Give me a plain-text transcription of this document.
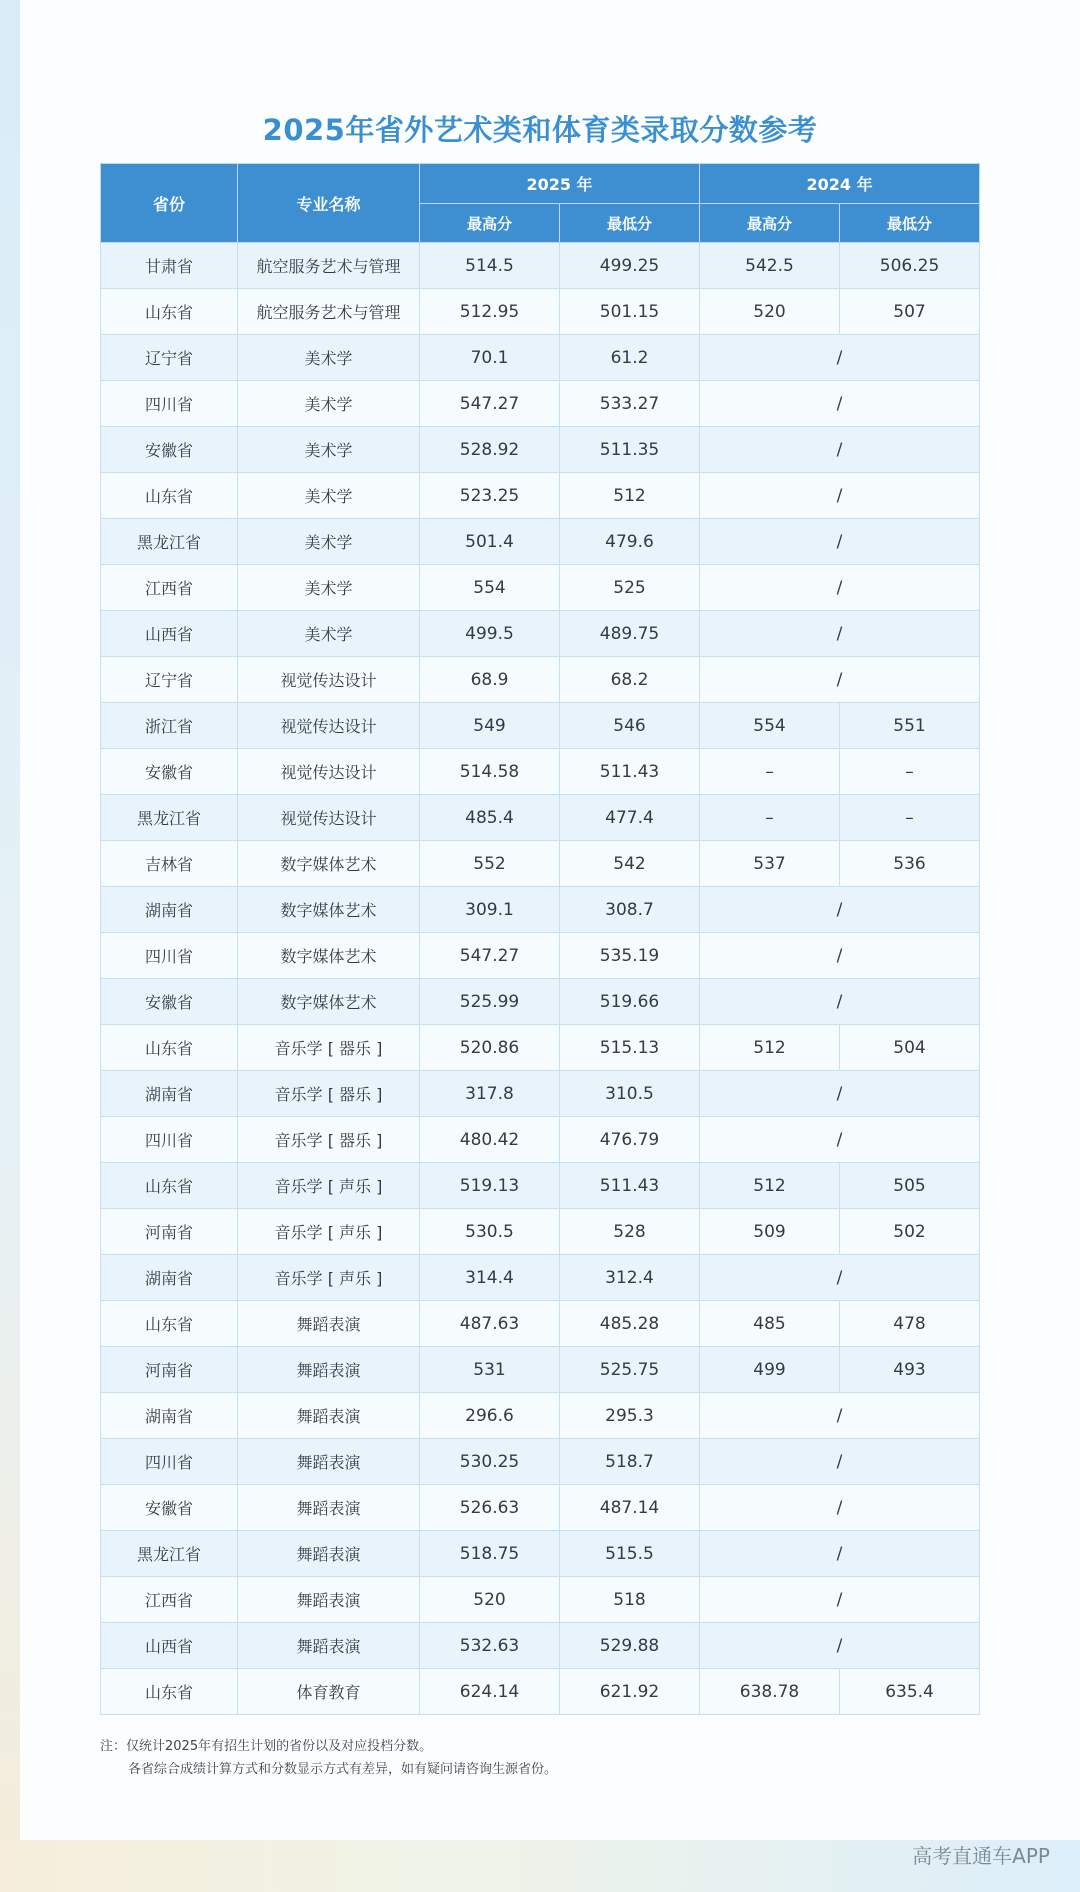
2025年省外艺术类和体育类录取分数参考
省份	专业名称	2025 年		2024 年	
		最高分	最低分	最高分	最低分
甘肃省	航空服务艺术与管理	514.5	499.25	542.5	506.25
山东省	航空服务艺术与管理	512.95	501.15	520	507
辽宁省	美术学	70.1	61.2	/	
四川省	美术学	547.27	533.27	/	
安徽省	美术学	528.92	511.35	/	
山东省	美术学	523.25	512	/	
黑龙江省	美术学	501.4	479.6	/	
江西省	美术学	554	525	/	
山西省	美术学	499.5	489.75	/	
辽宁省	视觉传达设计	68.9	68.2	/	
浙江省	视觉传达设计	549	546	554	551
安徽省	视觉传达设计	514.58	511.43	–	–
黑龙江省	视觉传达设计	485.4	477.4	–	–
吉林省	数字媒体艺术	552	542	537	536
湖南省	数字媒体艺术	309.1	308.7	/	
四川省	数字媒体艺术	547.27	535.19	/	
安徽省	数字媒体艺术	525.99	519.66	/	
山东省	音乐学 [ 器乐 ]	520.86	515.13	512	504
湖南省	音乐学 [ 器乐 ]	317.8	310.5	/	
四川省	音乐学 [ 器乐 ]	480.42	476.79	/	
山东省	音乐学 [ 声乐 ]	519.13	511.43	512	505
河南省	音乐学 [ 声乐 ]	530.5	528	509	502
湖南省	音乐学 [ 声乐 ]	314.4	312.4	/	
山东省	舞蹈表演	487.63	485.28	485	478
河南省	舞蹈表演	531	525.75	499	493
湖南省	舞蹈表演	296.6	295.3	/	
四川省	舞蹈表演	530.25	518.7	/	
安徽省	舞蹈表演	526.63	487.14	/	
黑龙江省	舞蹈表演	518.75	515.5	/	
江西省	舞蹈表演	520	518	/	
山西省	舞蹈表演	532.63	529.88	/	
山东省	体育教育	624.14	621.92	638.78	635.4
注：仅统计2025年有招生计划的省份以及对应投档分数。
各省综合成绩计算方式和分数显示方式有差异，如有疑问请咨询生源省份。
高考直通车APP
